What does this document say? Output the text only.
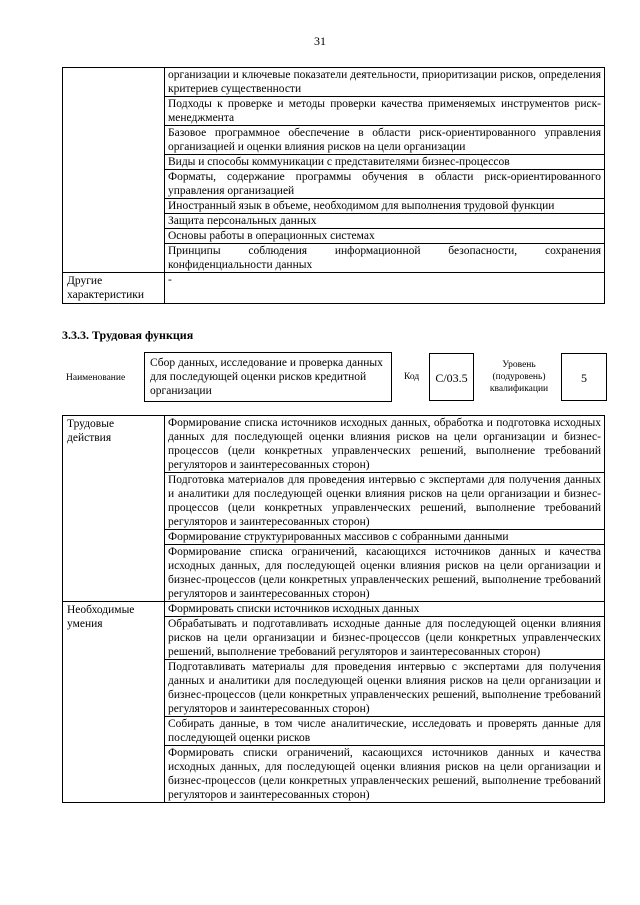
31
	организации и ключевые показатели деятельности, приоритизации рисков, определения критериев существенности
	Подходы к проверке и методы проверки качества применяемых инструментов риск-менеджмента
	Базовое программное обеспечение в области риск-ориентированного управления организацией и оценки влияния рисков на цели организации
	Виды и способы коммуникации с представителями бизнес-процессов
	Форматы, содержание программы обучения в области риск-ориентированного управления организацией
	Иностранный язык в объеме, необходимом для выполнения трудовой функции
	Защита персональных данных
	Основы работы в операционных системах
	Принципы соблюдения информационной безопасности, сохранения конфиденциальности данных
Другие характеристики	-
3.3.3. Трудовая функция
Наименование
Сбор данных, исследование и проверка данных для последующей оценки рисков кредитной организации
Код	С/03.5
Уровень (подуровень) квалификации
5
Трудовые действия	Формирование списка источников исходных данных, обработка и подготовка исходных данных для последующей оценки влияния рисков на цели организации и бизнес-процессов (цели конкретных управленческих решений, выполнение требований регуляторов и заинтересованных сторон)
	Подготовка материалов для проведения интервью с экспертами для получения данных и аналитики для последующей оценки влияния рисков на цели организации и бизнес-процессов (цели конкретных управленческих решений, выполнение требований регуляторов и заинтересованных сторон)
	Формирование структурированных массивов с собранными данными
	Формирование списка ограничений, касающихся источников данных и качества исходных данных, для последующей оценки влияния рисков на цели организации и бизнес-процессов (цели конкретных управленческих решений, выполнение требований регуляторов и заинтересованных сторон)
Необходимые умения	Формировать списки источников исходных данных
	Обрабатывать и подготавливать исходные данные для последующей оценки влияния рисков на цели организации и бизнес-процессов (цели конкретных управленческих решений, выполнение требований регуляторов и заинтересованных сторон)
	Подготавливать материалы для проведения интервью с экспертами для получения данных и аналитики для последующей оценки влияния рисков на цели организации и бизнес-процессов (цели конкретных управленческих решений, выполнение требований регуляторов и заинтересованных сторон)
	Собирать данные, в том числе аналитические, исследовать и проверять данные для последующей оценки рисков
	Формировать списки ограничений, касающихся источников данных и качества исходных данных, для последующей оценки влияния рисков на цели организации и бизнес-процессов (цели конкретных управленческих решений, выполнение требований регуляторов и заинтересованных сторон)
